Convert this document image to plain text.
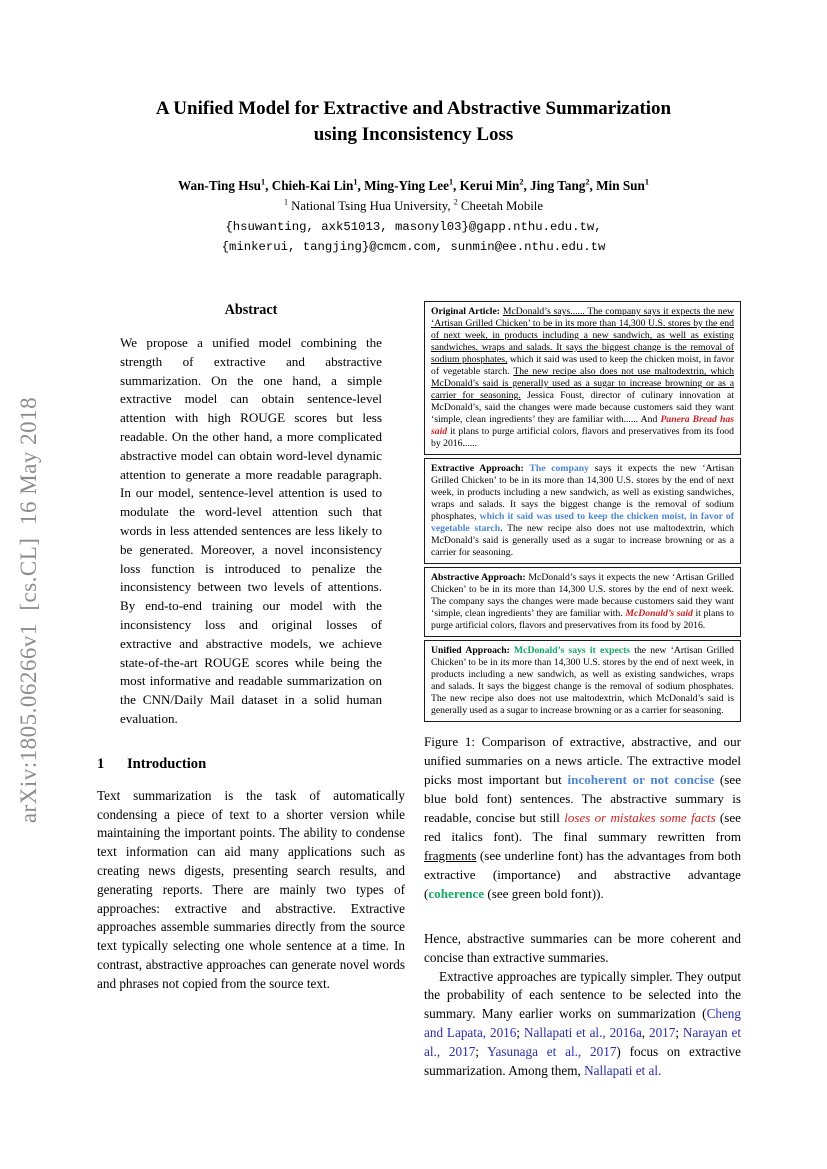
arXiv:1805.06266v1  [cs.CL]  16 May 2018
A Unified Model for Extractive and Abstractive Summarization
using Inconsistency Loss
Wan-Ting Hsu$^1$, Chieh-Kai Lin$^1$, Ming-Ying Lee$^1$, Kerui Min$^2$, Jing Tang$^2$, Min Sun$^1$
$^1$ National Tsing Hua University, $^2$ Cheetah Mobile
{hsuwanting, axk51013, masonyl03}@gapp.nthu.edu.tw,
{minkerui, tangjing}@cmcm.com, sunmin@ee.nthu.edu.tw
Abstract
We propose a unified model combining the strength of extractive and abstractive summarization. On the one hand, a simple extractive model can obtain sentence-level attention with high ROUGE scores but less readable. On the other hand, a more complicated abstractive model can obtain word-level dynamic attention to generate a more readable paragraph. In our model, sentence-level attention is used to modulate the word-level attention such that words in less attended sentences are less likely to be generated. Moreover, a novel inconsistency loss function is introduced to penalize the inconsistency between two levels of attentions. By end-to-end training our model with the inconsistency loss and original losses of extractive and abstractive models, we achieve state-of-the-art ROUGE scores while being the most informative and readable summarization on the CNN/Daily Mail dataset in a solid human evaluation.
1 Introduction
Text summarization is the task of automatically condensing a piece of text to a shorter version while maintaining the important points. The ability to condense text information can aid many applications such as creating news digests, presenting search results, and generating reports. There are mainly two types of approaches: extractive and abstractive. Extractive approaches assemble summaries directly from the source text typically selecting one whole sentence at a time. In contrast, abstractive approaches can generate novel words and phrases not copied from the source text.
Original Article: McDonald’s says...... The company says it expects the new ‘Artisan Grilled Chicken’ to be in its more than 14,300 U.S. stores by the end of next week, in products including a new sandwich, as well as existing sandwiches, wraps and salads. It says the biggest change is the removal of sodium phosphates, which it said was used to keep the chicken moist, in favor of vegetable starch. The new recipe also does not use maltodextrin, which McDonald’s said is generally used as a sugar to increase browning or as a carrier for seasoning. Jessica Foust, director of culinary innovation at McDonald’s, said the changes were made because customers said they want ‘simple, clean ingredients’ they are familiar with...... And Panera Bread has said it plans to purge artificial colors, flavors and preservatives from its food by 2016......
Extractive Approach: The company says it expects the new ‘Artisan Grilled Chicken’ to be in its more than 14,300 U.S. stores by the end of next week, in products including a new sandwich, as well as existing sandwiches, wraps and salads. It says the biggest change is the removal of sodium phosphates, which it said was used to keep the chicken moist, in favor of vegetable starch. The new recipe also does not use maltodextrin, which McDonald’s said is generally used as a sugar to increase browning or as a carrier for seasoning.
Abstractive Approach: McDonald’s says it expects the new ‘Artisan Grilled Chicken’ to be in its more than 14,300 U.S. stores by the end of next week. The company says the changes were made because customers said they want ‘simple, clean ingredients’ they are familiar with. McDonald’s said it plans to purge artificial colors, flavors and preservatives from its food by 2016.
Unified Approach: McDonald’s says it expects the new ‘Artisan Grilled Chicken’ to be in its more than 14,300 U.S. stores by the end of next week, in products including a new sandwich, as well as existing sandwiches, wraps and salads. It says the biggest change is the removal of sodium phosphates. The new recipe also does not use maltodextrin, which McDonald’s said is generally used as a sugar to increase browning or as a carrier for seasoning.
Figure 1: Comparison of extractive, abstractive, and our unified summaries on a news article. The extractive model picks most important but incoherent or not concise (see blue bold font) sentences. The abstractive summary is readable, concise but still loses or mistakes some facts (see red italics font). The final summary rewritten from fragments (see underline font) has the advantages from both extractive (importance) and abstractive advantage (coherence (see green bold font)).
Hence, abstractive summaries can be more coherent and concise than extractive summaries.
Extractive approaches are typically simpler. They output the probability of each sentence to be selected into the summary. Many earlier works on summarization (Cheng and Lapata, 2016; Nallapati et al., 2016a, 2017; Narayan et al., 2017; Yasunaga et al., 2017) focus on extractive summarization. Among them, Nallapati et al.
